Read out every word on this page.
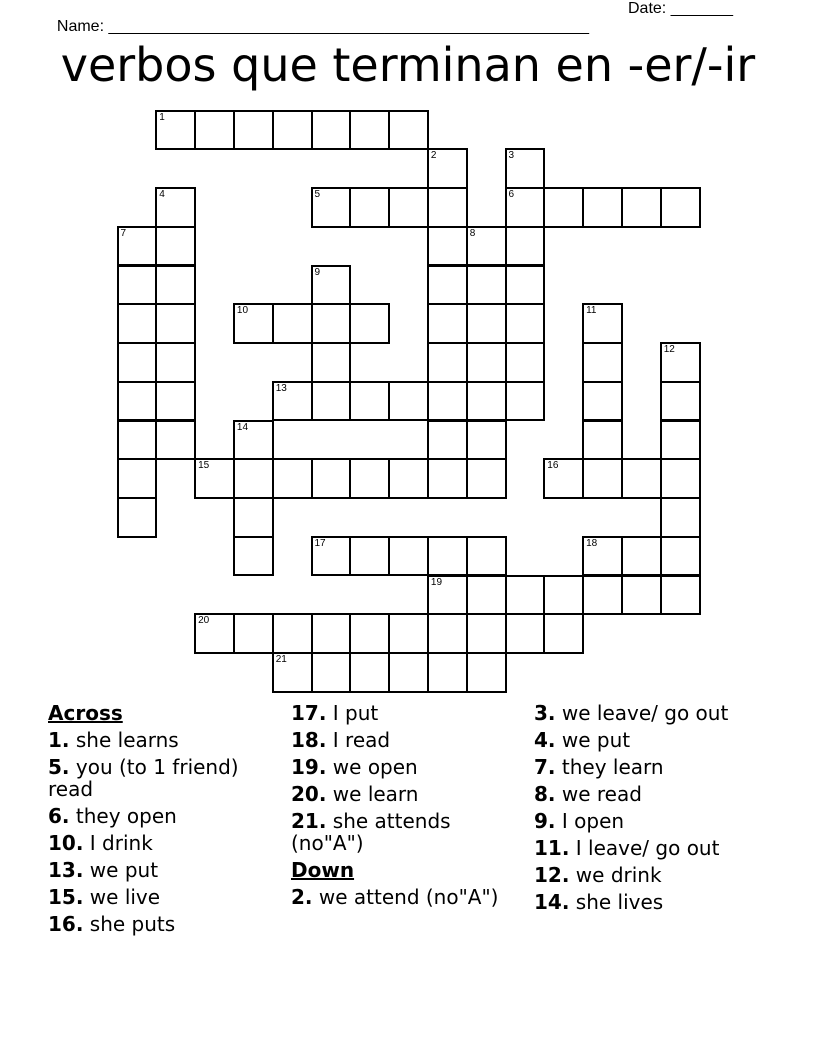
Name: ______________________________________________________

Date: _______

verbos que terminan en -er/-ir
1
2	3
4	5	6
7	8
9
10	11
12
13
14
15	16
17	18
19
20
21
Across
1. she learns
5. you (to 1 friend) read
6. they open
10. I drink
13. we put
15. we live
16. she puts
17. I put
18. I read
19. we open
20. we learn
21. she attends (no"A")
Down
2. we attend (no"A")
3. we leave/ go out
4. we put
7. they learn
8. we read
9. I open
11. I leave/ go out
12. we drink
14. she lives
